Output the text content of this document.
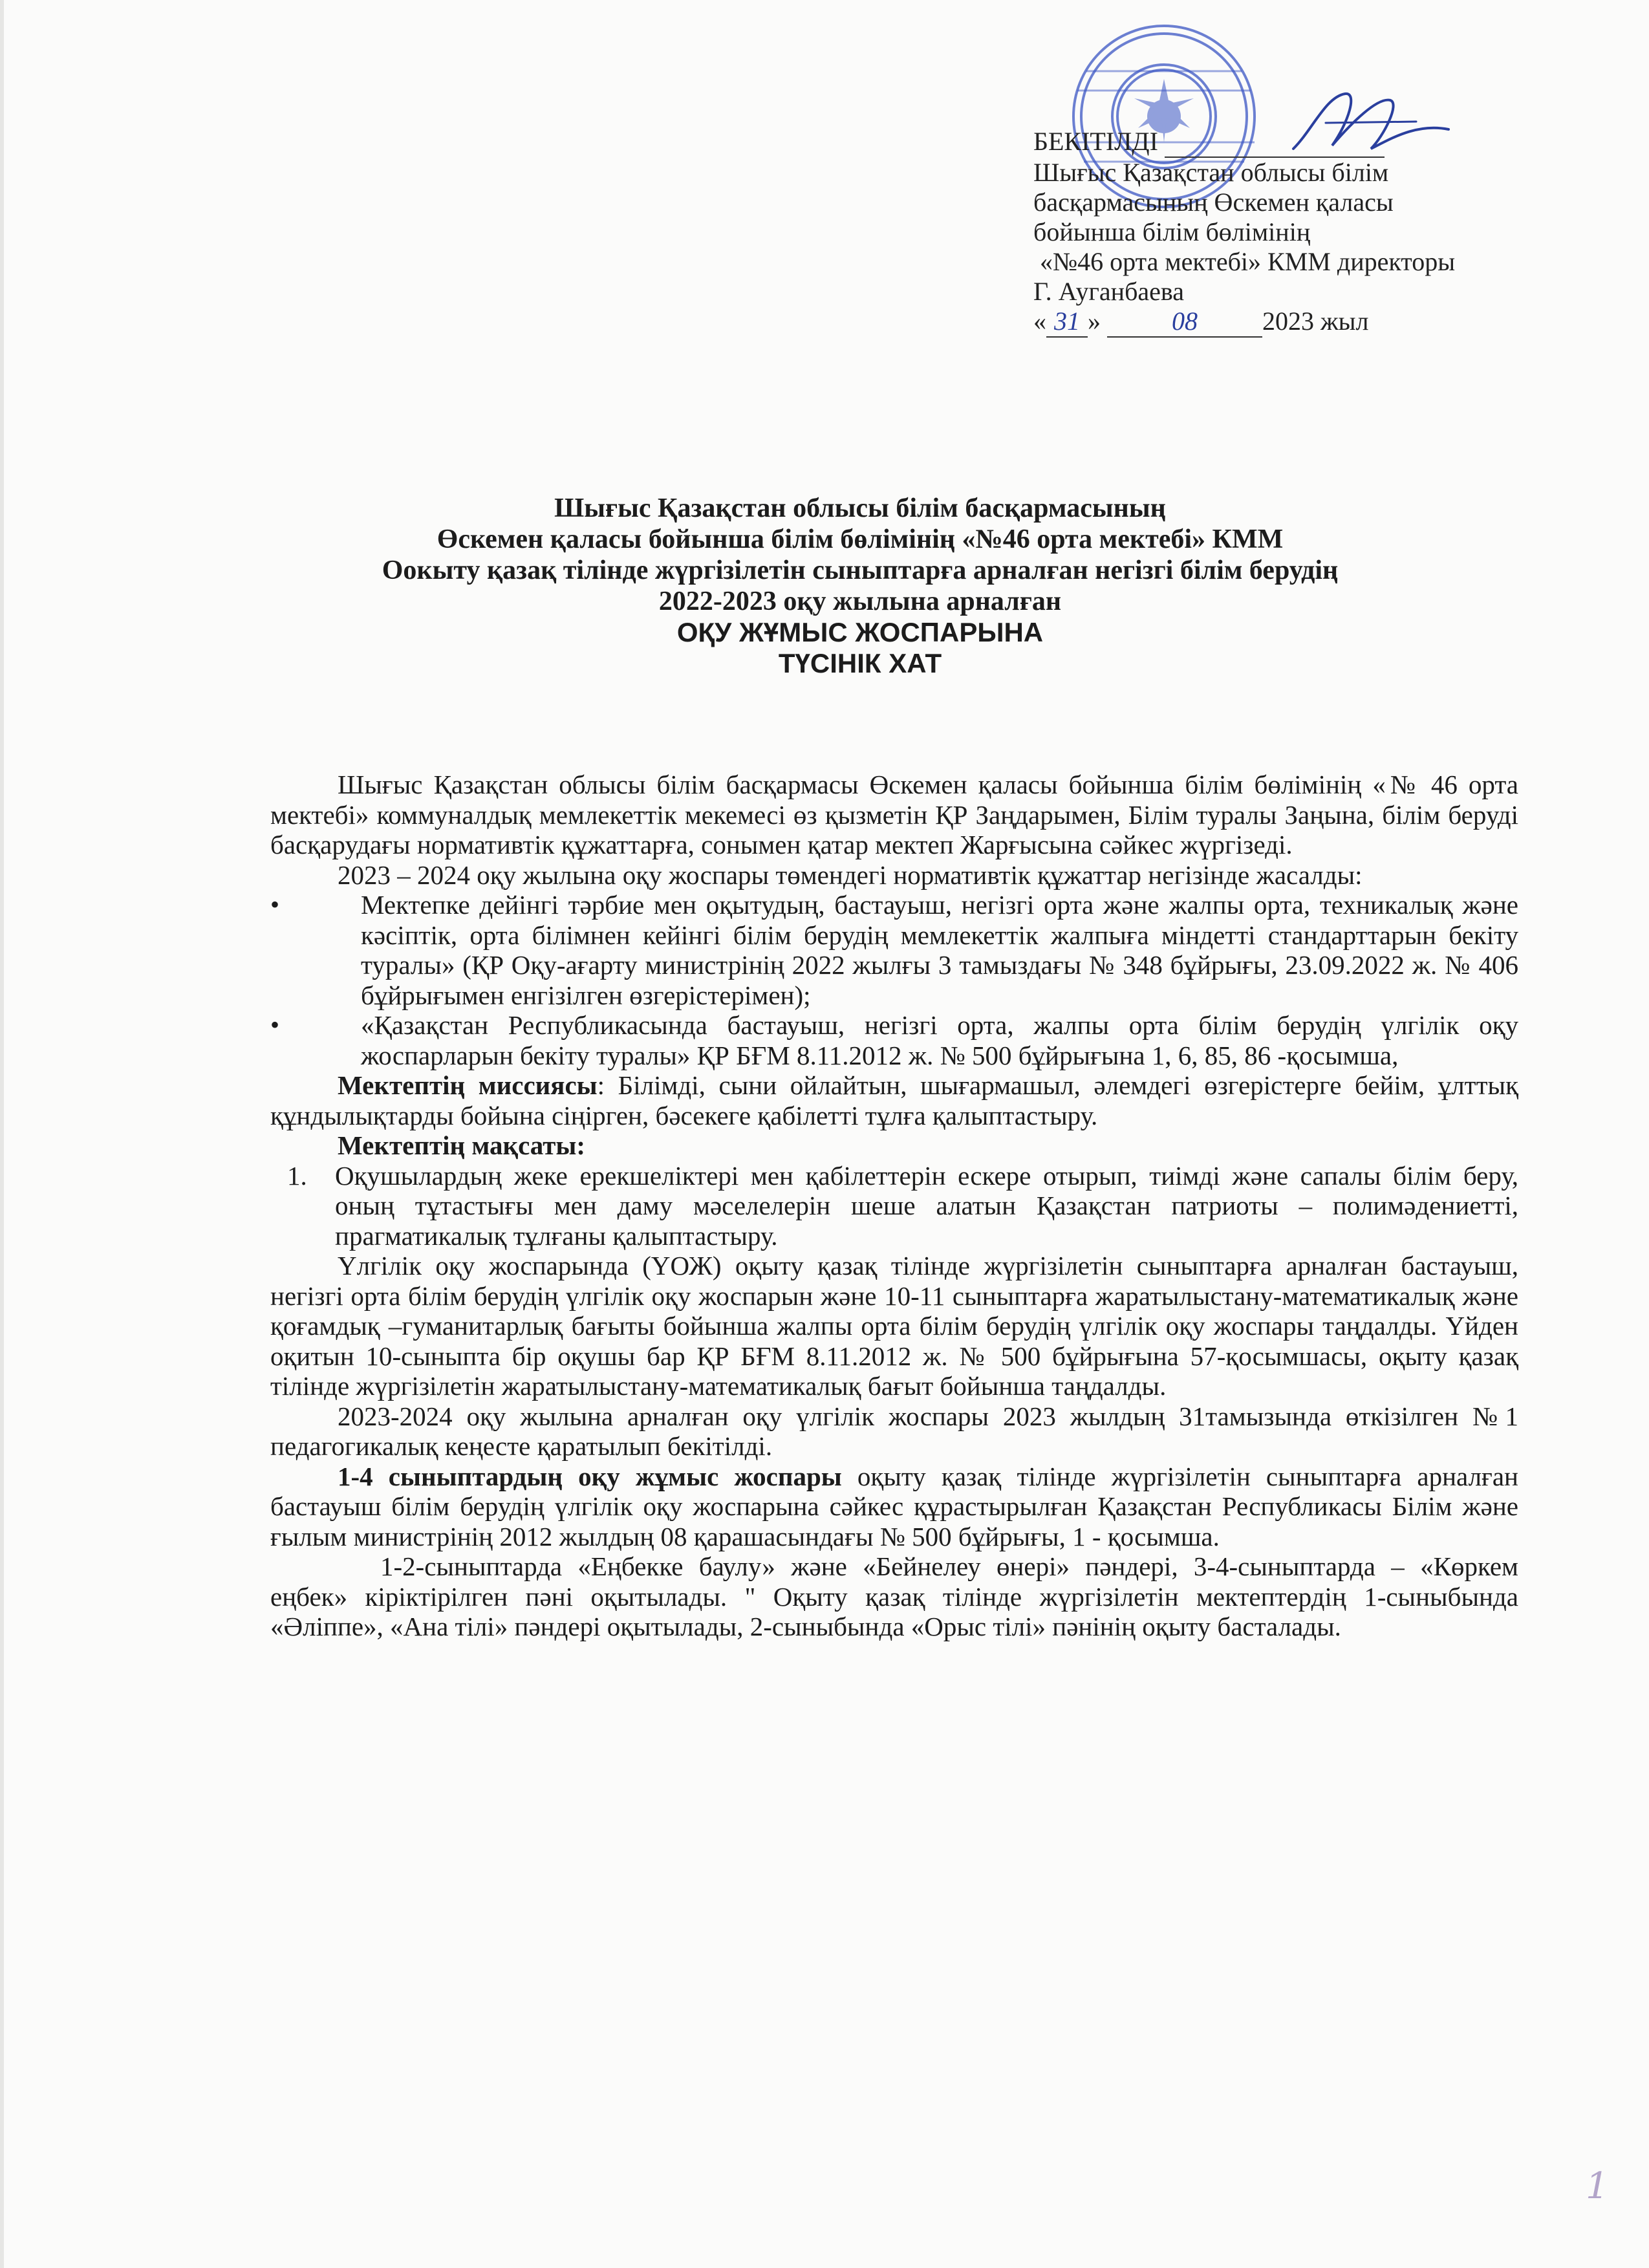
БЕКІТІЛДІ
Шығыс Қазақстан облысы білім
басқармасының Өскемен қаласы
бойынша білім бөлімінің
«№46 орта мектебі» КММ директоры
Г. Ауганбаева
« 31 »	08	2023 жыл
Шығыс Қазақстан облысы білім басқармасының
Өскемен қаласы бойынша білім бөлімінің «№46 орта мектебі» КММ
Оокыту қазақ тілінде жүргізілетін сыныптарға арналған негізгі білім берудің
2022-2023 оқу жылына арналған
ОҚУ ЖҰМЫС ЖОСПАРЫНА
ТҮСІНІК ХАТ

Шығыс Қазақстан облысы білім басқармасы Өскемен қаласы бойынша білім бөлімінің «№ 46 орта мектебі» коммуналдық мемлекеттік мекемесі өз қызметін ҚР Заңдарымен, Білім туралы Заңына, білім беруді басқарудағы нормативтік құжаттарға, сонымен қатар мектеп Жарғысына сәйкес жүргізеді.

2023 – 2024 оқу жылына оқу жоспары төмендегі нормативтік құжаттар негізінде жасалды:

• Мектепке дейінгі тәрбие мен оқытудың, бастауыш, негізгі орта және жалпы орта, техникалық және кәсіптік, орта білімнен кейінгі білім берудің мемлекеттік жалпыға міндетті стандарттарын бекіту туралы» (ҚР Оқу-ағарту министрінің 2022 жылғы 3 тамыздағы № 348 бұйрығы, 23.09.2022 ж. № 406 бұйрығымен енгізілген өзгерістерімен);

• «Қазақстан Республикасында бастауыш, негізгі орта, жалпы орта білім берудің үлгілік оқу жоспарларын бекіту туралы» ҚР БҒМ 8.11.2012 ж. № 500 бұйрығына 1, 6, 85, 86 -қосымша,

Мектептің миссиясы: Білімді, сыни ойлайтын, шығармашыл, әлемдегі өзгерістерге бейім, ұлттық құндылықтарды бойына сіңірген, бәсекеге қабілетті тұлға қалыптастыру.

Мектептің мақсаты:

1. Оқушылардың жеке ерекшеліктері мен қабілеттерін ескере отырып, тиімді және сапалы білім беру, оның тұтастығы мен даму мәселелерін шеше алатын Қазақстан патриоты – полимәдениетті, прагматикалық тұлғаны қалыптастыру.

Үлгілік оқу жоспарында (ҮОЖ) оқыту қазақ тілінде жүргізілетін сыныптарға арналған бастауыш, негізгі орта білім берудің үлгілік оқу жоспарын және 10-11 сыныптарға жаратылыстану-математикалық және қоғамдық –гуманитарлық бағыты бойынша жалпы орта білім берудің үлгілік оқу жоспары таңдалды. Үйден оқитын 10-сыныпта бір оқушы бар ҚР БҒМ 8.11.2012 ж. № 500 бұйрығына 57-қосымшасы, оқыту қазақ тілінде жүргізілетін жаратылыстану-математикалық бағыт бойынша таңдалды.

2023-2024 оқу жылына арналған оқу үлгілік жоспары 2023 жылдың 31тамызында өткізілген №1 педагогикалық кеңесте қаратылып бекітілді.

1-4 сыныптардың оқу жұмыс жоспары оқыту қазақ тілінде жүргізілетін сыныптарға арналған бастауыш білім берудің үлгілік оқу жоспарына сәйкес құрастырылған Қазақстан Республикасы Білім және ғылым министрінің 2012 жылдың 08 қарашасындағы № 500 бұйрығы, 1 - қосымша.

1-2-сыныптарда «Еңбекке баулу» және «Бейнелеу өнері» пәндері, 3-4-сыныптарда – «Көркем еңбек» кіріктірілген пәні оқытылады. " Оқыту қазақ тілінде жүргізілетін мектептердің 1-сыныбында «Әліппе», «Ана тілі» пәндері оқытылады, 2-сыныбында «Орыс тілі» пәнінің оқыту басталады.

1
